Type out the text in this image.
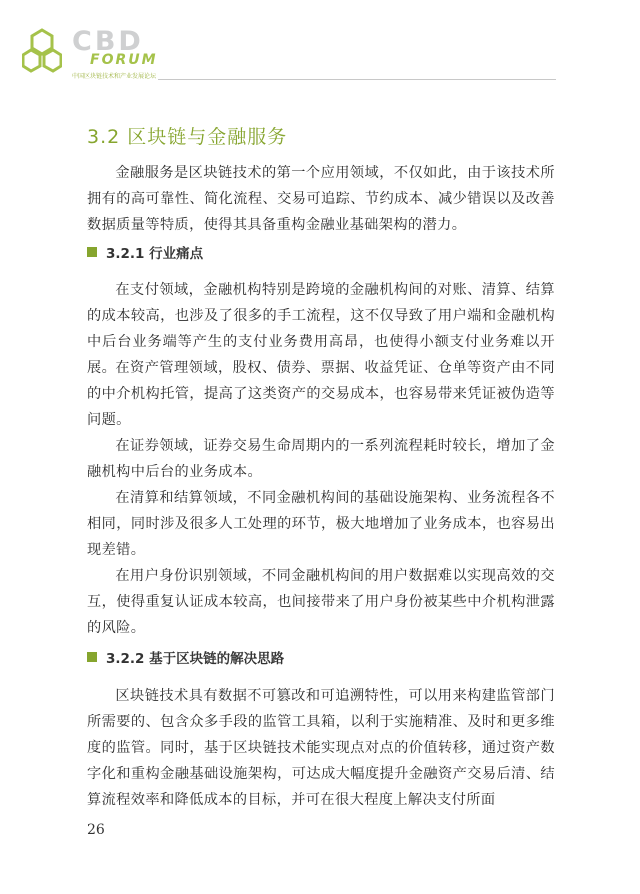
CBD
FORUM
中国区块链技术和产业发展论坛
3.2 区块链与金融服务

金融服务是区块链技术的第一个应用领域，不仅如此，由于该技术所拥有的高可靠性、简化流程、交易可追踪、节约成本、减少错误以及改善数据质量等特质，使得其具备重构金融业基础架构的潜力。

3.2.1 行业痛点

在支付领域，金融机构特别是跨境的金融机构间的对账、清算、结算的成本较高，也涉及了很多的手工流程，这不仅导致了用户端和金融机构中后台业务端等产生的支付业务费用高昂，也使得小额支付业务难以开展。 在资产管理领域，股权、债券、票据、收益凭证、仓单等资产由不同的中介机构托管，提高了这类资产的交易成本，也容易带来凭证被伪造等问题。

在证券领域，证券交易生命周期内的一系列流程耗时较长，增加了金融机构中后台的业务成本。

在清算和结算领域，不同金融机构间的基础设施架构、业务流程各不相同，同时涉及很多人工处理的环节，极大地增加了业务成本，也容易出现差错。

在用户身份识别领域，不同金融机构间的用户数据难以实现高效的交互，使得重复认证成本较高，也间接带来了用户身份被某些中介机构泄露的风险。

3.2.2 基于区块链的解决思路

区块链技术具有数据不可篡改和可追溯特性，可以用来构建监管部门所需要的、包含众多手段的监管工具箱，以利于实施精准、及时和更多维度的监管。同时，基于区块链技术能实现点对点的价值转移，通过资产数字化和重构金融基础设施架构，可达成大幅度提升金融资产交易后清、结算流程效率和降低成本的目标，并可在很大程度上解决支付所面

26
